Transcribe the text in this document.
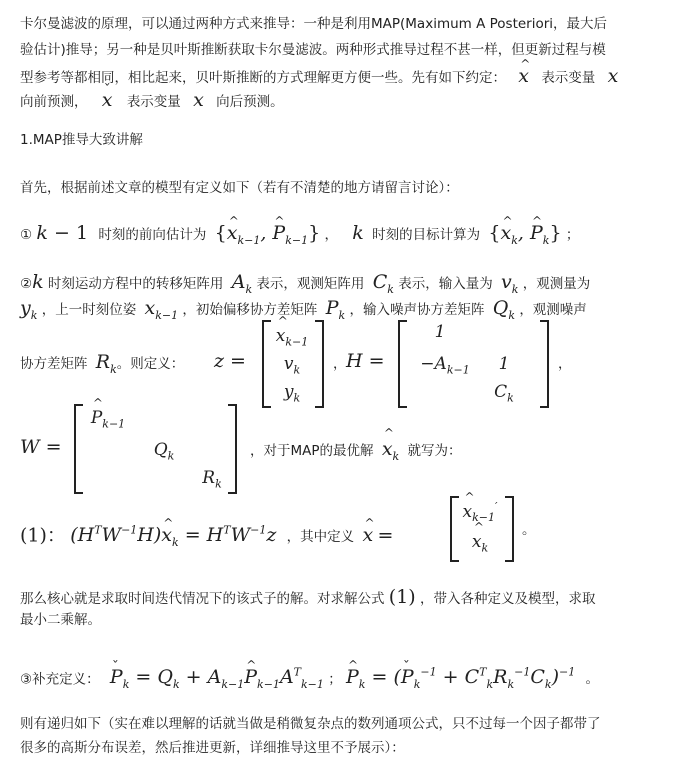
卡尔曼滤波的原理，可以通过两种方式来推导：一种是利用MAP(Maximum A Posteriori，最大后
验估计)推导；另一种是贝叶斯推断获取卡尔曼滤波。两种形式推导过程不甚一样，但更新过程与模
型参考等都相同，相比起来，贝叶斯推断的方式理解更方便一些。先有如下约定： ^ x 表示变量 x
向前预测， ˇ x 表示变量 x 向后预测。
1.MAP推导大致讲解
首先，根据前述文章的模型有定义如下（若有不清楚的地方请留言讨论）：
① k − 1 时刻的前向估计为 {^ $x_{k-1}$, ^ $P_{k-1}$} ， k 时刻的目标计算为 {^ $x_k$, ^ $P_k$} ；
②k 时刻运动方程中的转移矩阵用 $A_k$ 表示，观测矩阵用 $C_k$ 表示，输入量为 $v_k$ ，观测量为
$y_k$ ，上一时刻位姿 $x_{k-1}$ ，初始偏移协方差矩阵 $P_k$ ，输入噪声协方差矩阵 $Q_k$ ，观测噪声
协方差矩阵 $R_k$。则定义： z =
^ $x_{k-1}$
$v_k$
$y_k$
， H =
1
$-A_{k-1}$	1
$C_k$
，
W =
^ $P_{k-1}$
$Q_k$
$R_k$
，对于MAP的最优解 ^ $x_k$ 就写为：
(1)： $(H^TW^{-1}H)\^{}$ $x_k = H^TW^{-1}z$ ，其中定义 ^ x =
^ $x_{k-1}'$
^ $x_k$
。
那么核心就是求取时间迭代情况下的该式子的解。对求解公式 (1) ，带入各种定义及模型，求取
最小二乘解。
③补充定义： ˇ $P_k = Q_k$ + $A_{k-1}\^{}$ $P_{k-1}A^T_{k-1}$ ； ^ $P_k$ = (ˇ $P_k^{-1} + C^T_kR_k^{-1}C_k)^{-1}$ 。
则有递归如下（实在难以理解的话就当做是稍微复杂点的数列通项公式，只不过每一个因子都带了
很多的高斯分布误差，然后推进更新，详细推导这里不予展示）：
